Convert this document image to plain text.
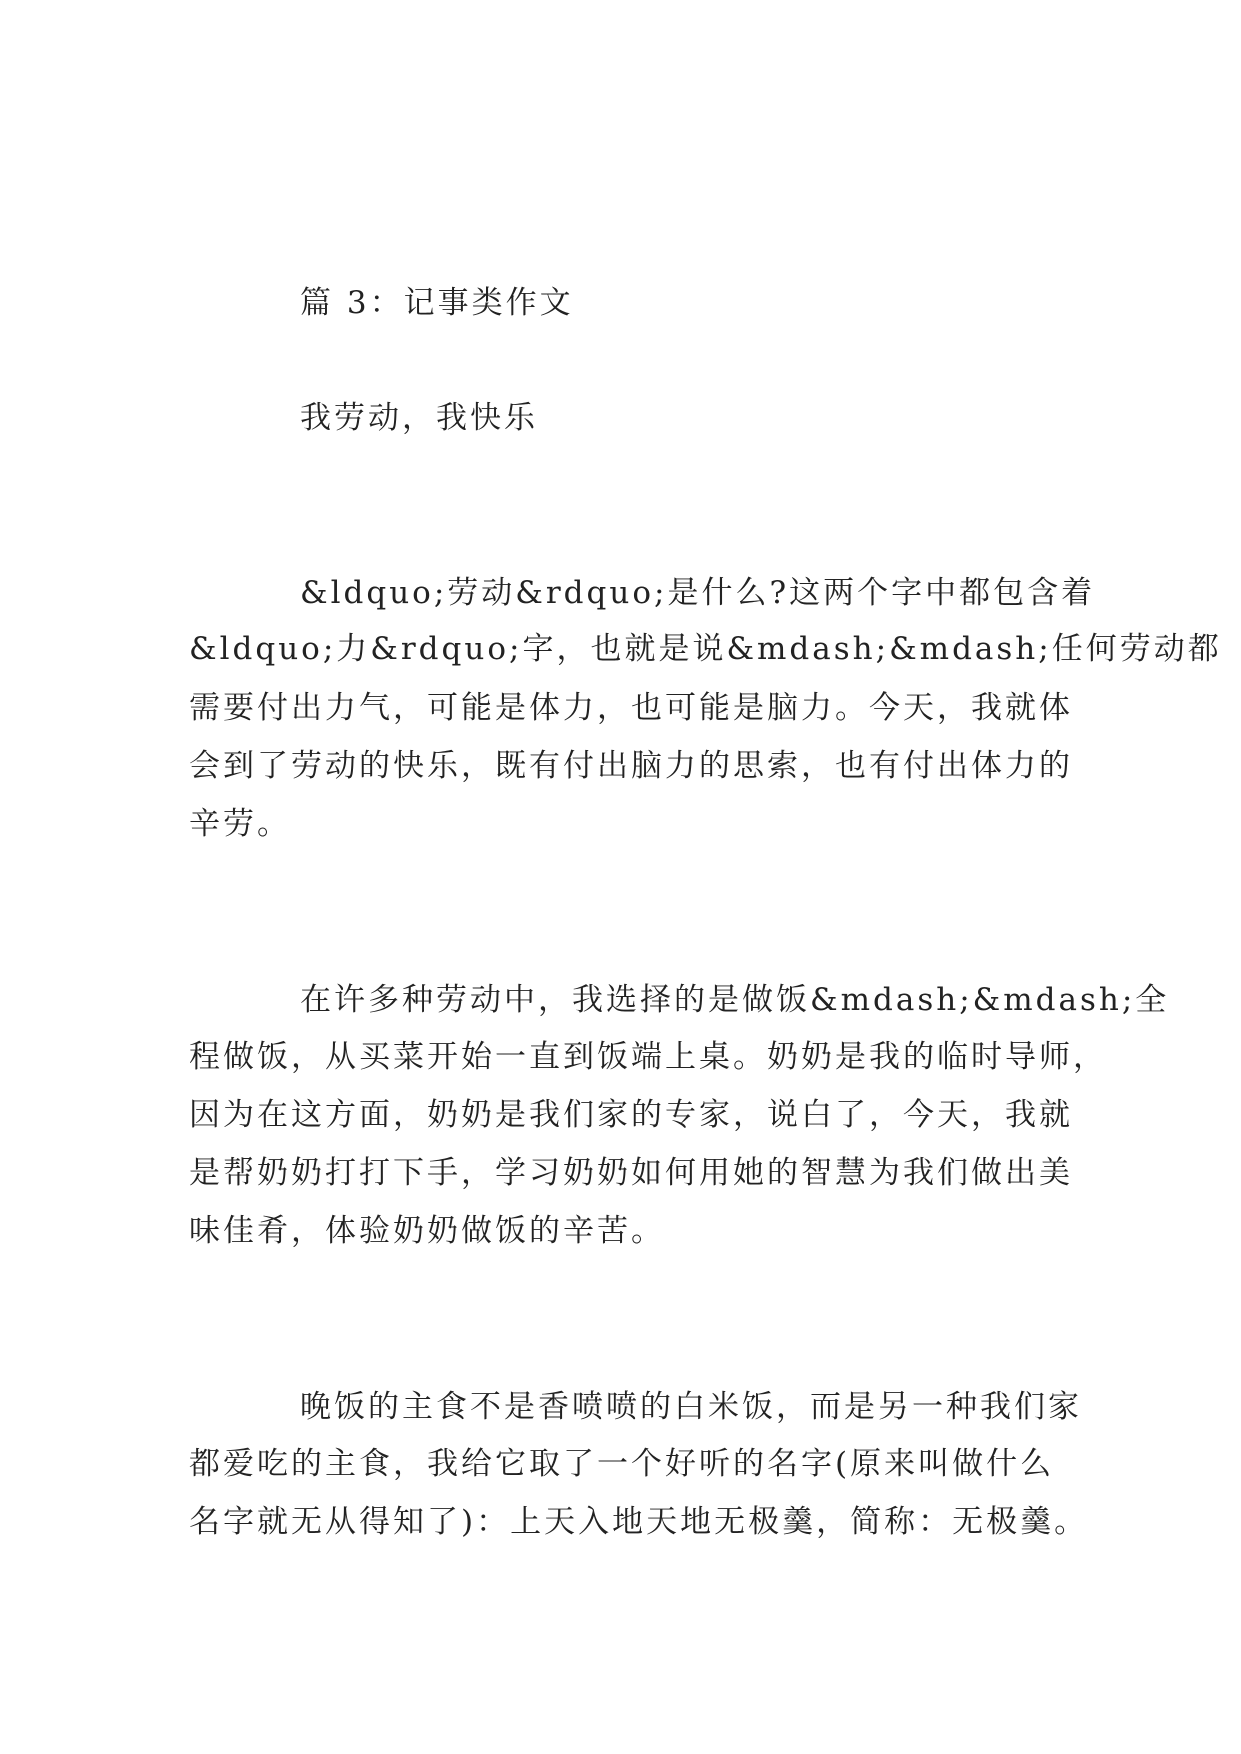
篇 3：记事类作文
我劳动，我快乐
&ldquo;劳动&rdquo;是什么?这两个字中都包含着
&ldquo;力&rdquo;字，也就是说&mdash;&mdash;任何劳动都
需要付出力气，可能是体力，也可能是脑力。今天，我就体
会到了劳动的快乐，既有付出脑力的思索，也有付出体力的
辛劳。
在许多种劳动中，我选择的是做饭&mdash;&mdash;全
程做饭，从买菜开始一直到饭端上桌。奶奶是我的临时导师，
因为在这方面，奶奶是我们家的专家，说白了，今天，我就
是帮奶奶打打下手，学习奶奶如何用她的智慧为我们做出美
味佳肴，体验奶奶做饭的辛苦。
晚饭的主食不是香喷喷的白米饭，而是另一种我们家
都爱吃的主食，我给它取了一个好听的名字(原来叫做什么
名字就无从得知了)：上天入地天地无极羹，简称：无极羹。
